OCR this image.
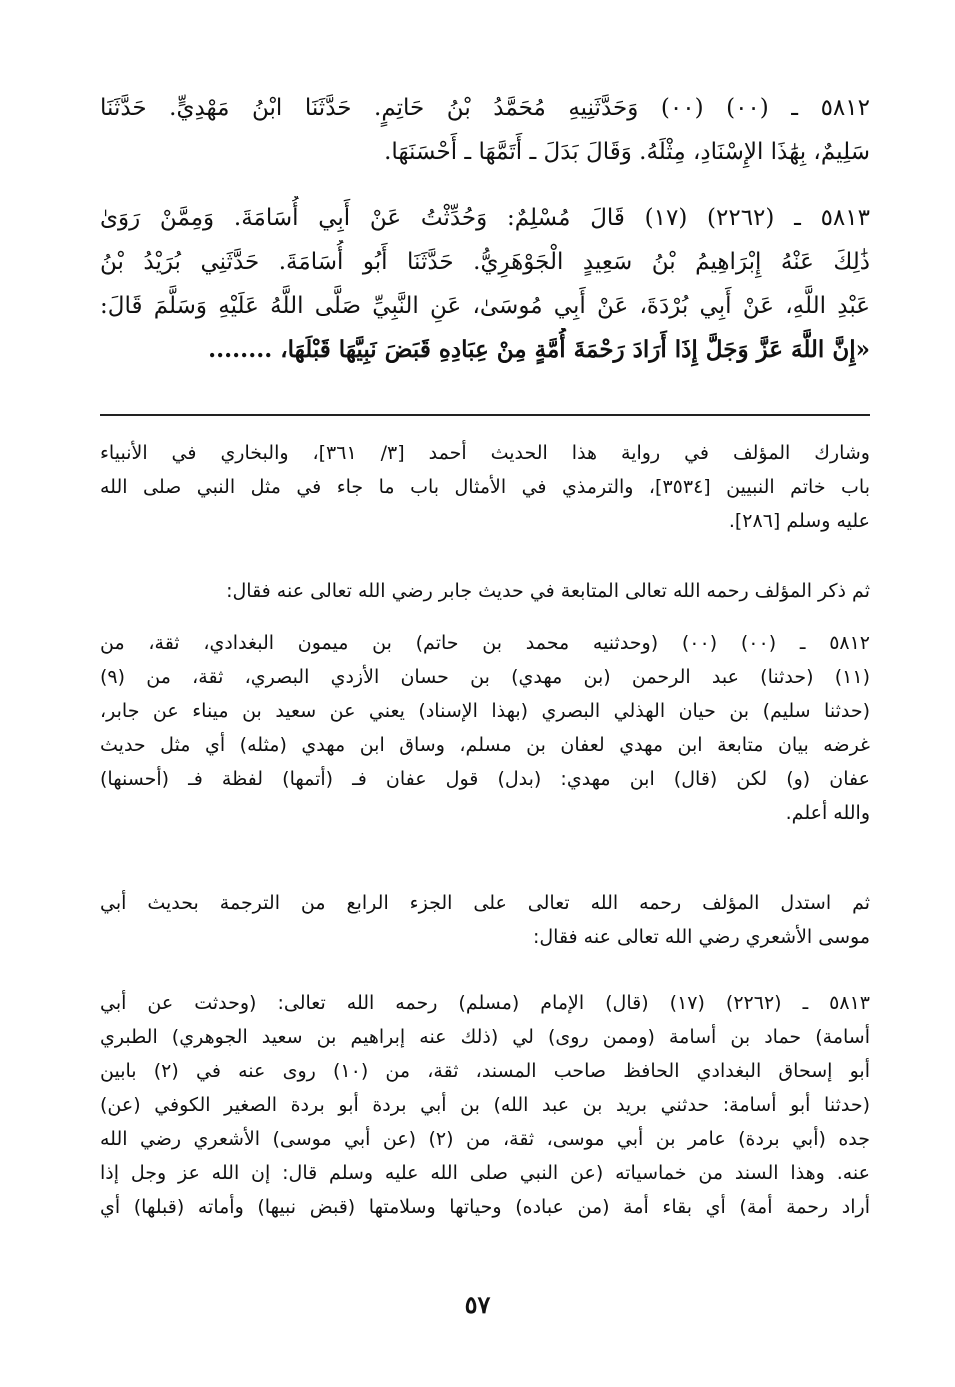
٥٨١٢ ـ (٠٠) (٠٠) وَحَدَّثَنِيهِ مُحَمَّدُ بْنُ حَاتِمٍ. حَدَّثَنَا ابْنُ مَهْدِيٍّ. حَدَّثَنَا
سَلِيمٌ، بِهَٰذَا الإِسْنَادِ، مِثْلَهُ. وَقَالَ بَدَلَ ـ أَتَمَّهَا ـ أَحْسَنَهَا.
٥٨١٣ ـ (٢٢٦٢) (١٧) قَالَ مُسْلِمٌ: وَحُدِّثْتُ عَنْ أَبِي أُسَامَةَ. وَمِمَّنْ رَوَىٰ
ذَٰلِكَ عَنْهُ إِبْرَاهِيمُ بْنُ سَعِيدٍ الْجَوْهَرِيُّ. حَدَّثَنَا أَبُو أُسَامَةَ. حَدَّثَنِي بُرَيْدُ بْنُ
عَبْدِ اللَّهِ، عَنْ أَبِي بُرْدَةَ، عَنْ أَبِي مُوسَىٰ، عَنِ النَّبِيِّ صَلَّى اللَّهُ عَلَيْهِ وَسَلَّمَ قَالَ:
«إِنَّ اللَّهَ عَزَّ وَجَلَّ إِذَا أَرَادَ رَحْمَةَ أُمَّةٍ مِنْ عِبَادِهِ قَبَضَ نَبِيَّهَا قَبْلَهَا، ........
وشارك المؤلف في رواية هذا الحديث أحمد [٣/ ٣٦١]، والبخاري في الأنبياء
باب خاتم النبيين [٣٥٣٤]، والترمذي في الأمثال باب ما جاء في مثل النبي صلى الله
عليه وسلم [٢٨٦].
ثم ذكر المؤلف رحمه الله تعالى المتابعة في حديث جابر رضي الله تعالى عنه فقال:
٥٨١٢ ـ (٠٠) (٠٠) (وحدثنيه محمد بن حاتم) بن ميمون البغدادي، ثقة، من
(١١) (حدثنا) عبد الرحمن (بن مهدي) بن حسان الأزدي البصري، ثقة، من (٩)
(حدثنا سليم) بن حيان الهذلي البصري (بهذا الإسناد) يعني عن سعيد بن ميناء عن جابر،
غرضه بيان متابعة ابن مهدي لعفان بن مسلم، وساق ابن مهدي (مثله) أي مثل حديث
عفان (و) لكن (قال) ابن مهدي: (بدل) قول عفان فـ (أتمها) لفظة فـ (أحسنها)
والله أعلم.
ثم استدل المؤلف رحمه الله تعالى على الجزء الرابع من الترجمة بحديث أبي
موسى الأشعري رضي الله تعالى عنه فقال:
٥٨١٣ ـ (٢٢٦٢) (١٧) (قال) الإمام (مسلم) رحمه الله تعالى: (وحدثت عن أبي
أسامة) حماد بن أسامة (وممن روى) لي (ذلك عنه إبراهيم بن سعيد الجوهري) الطبري
أبو إسحاق البغدادي الحافظ صاحب المسند، ثقة، من (١٠) روى عنه في (٢) بابين
(حدثنا أبو أسامة: حدثني بريد بن عبد الله) بن أبي بردة أبو بردة الصغير الكوفي (عن)
جده (أبي بردة) عامر بن أبي موسى، ثقة، من (٢) (عن أبي موسى) الأشعري رضي الله
عنه. وهذا السند من خماسياته (عن النبي صلى الله عليه وسلم قال: إن الله عز وجل إذا
أراد رحمة أمة) أي بقاء أمة (من عباده) وحياتها وسلامتها (قبض نبيها) وأماته (قبلها) أي
٥٧
